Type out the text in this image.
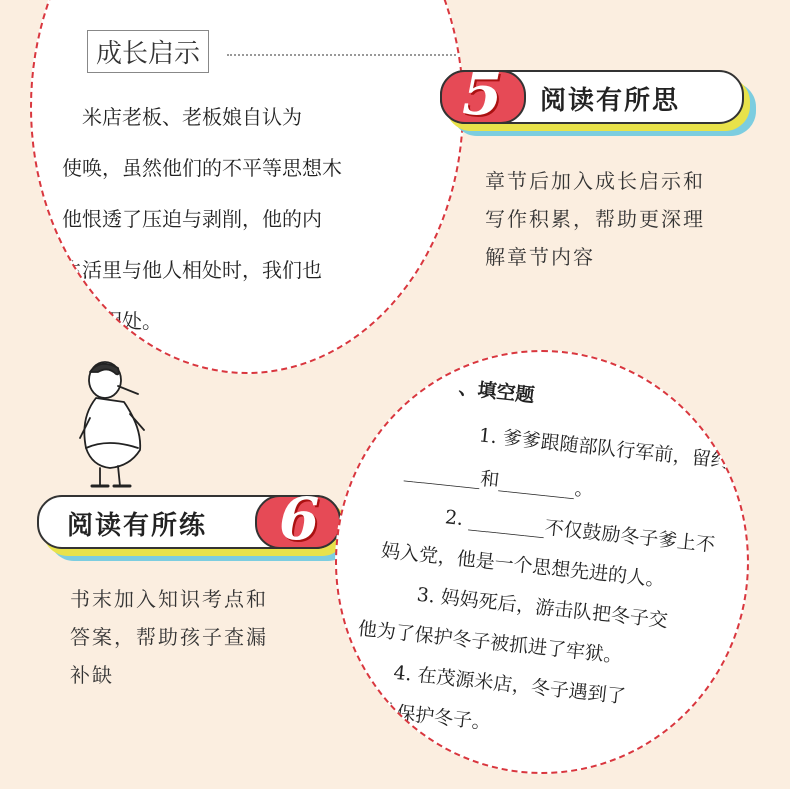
成长启示
　米店老板、老板娘自认为
使唤，虽然他们的不平等思想木
他恨透了压迫与剥削，他的内
生活里与他人相处时，我们也
平等相处。
5 阅读有所思
章节后加入成长启示和
写作积累，帮助更深理
解章节内容
阅读有所练 6
书末加入知识考点和
答案，帮助孩子查漏
补缺
、填空题
1. 爹爹跟随部队行军前，留约
________和________。
2. ________不仅鼓励冬子爹上不
妈入党，他是一个思想先进的人。
3. 妈妈死后，游击队把冬子交
他为了保护冬子被抓进了牢狱。
4. 在茂源米店，冬子遇到了
户处处保护冬子。
